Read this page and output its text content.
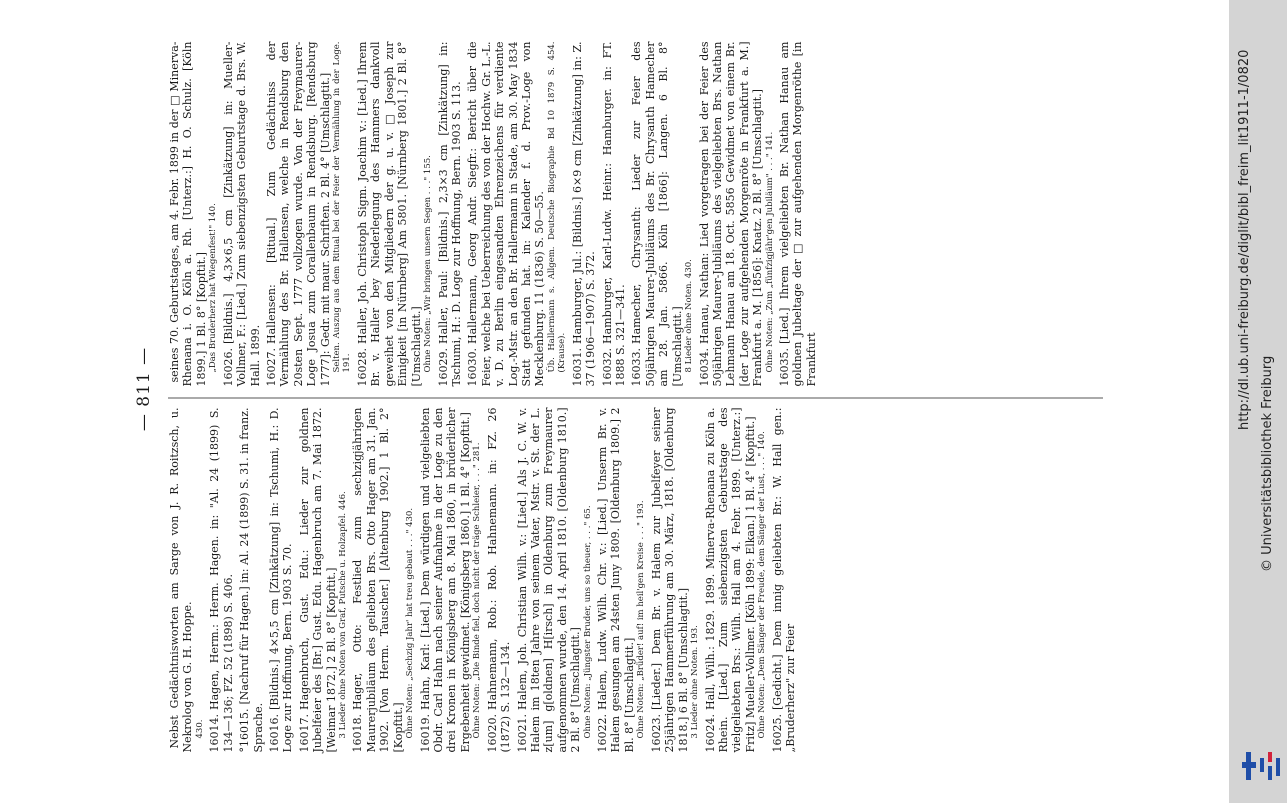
— 811 —
Nebst Gedächtnisworten am Sarge von J. R. Roitzsch, u. Nekrolog von G. H. Hoppe. 430. 16014.Hagen, Herm.: Herm. Hagen. in: "Al. 24 (1899) S. 134—136; FZ. 52 (1898) S. 406. °16015.[Nachruf für Hagen.] in: Al. 24 (1899) S. 31. in franz. Sprache. 16016.[Bildnis.] 4×5,5 cm [Zinkätzung] in: Tschumi, H.: D. Loge zur Hoffnung, Bern. 1903 S. 70. 16017.Hagenbruch, Gust. Edu.: Lieder zur goldnen Jubelfeier des [Br.] Gust. Edu. Hagenbruch am 7. Mai 1872. [Weimar 1872.] 2 Bl. 8° [Kopftit.] 3 Lieder ohne Noten von Graf, Putsche u. Holzapfel. 446. 16018.Hager, Otto: Festlied zum sechzigjährigen Maurerjubiläum des geliebten Brs. Otto Hager am 31. Jan. 1902. [Von Herm. Tauscher.] [Altenburg 1902.] 1 Bl. 2° [Kopftit.] Ohne Noten: „Sechzig Jahr' hat treu gebaut . . ." 430. 16019.Hahn, Karl: [Lied.] Dem würdigen und vielgeliebten Obdr. Carl Hahn nach seiner Aufnahme in der Loge zu den drei Kronen in Königsberg am 8. Mai 1860, in brüderlicher Ergebenheit gewidmet. [Königsberg 1860.] 1 Bl. 4° [Kopftit.] Ohne Noten: „Die Binde fiel, doch nicht der träge Schleier, . . ." 281. 16020.Hahnemann, Rob.: Rob. Hahnemann. in: FZ. 26 (1872) S. 132—134. 16021.Halem, Joh. Christian Wilh. v.: [Lied.] Als J. C. W. v. Halem im 18ten Jahre von seinem Vater, Mstr. v. St. der L. z[um] g[oldnen] H[irsch] in Oldenburg zum Freymaurer aufgenommen wurde, den 14. April 1810. [Oldenburg 1810.] 2 Bl. 8° [Umschlagtit.] Ohne Noten: „Jüngster Bruder, uns so theuer, . . ." 65. 16022.Halem, Ludw. Wilh. Chr. v.: [Lied.] Unserm Br. v. Halem gesungen am 24sten Juny 1809. [Oldenburg 1809.] 2 Bl. 8° [Umschlagtit.] Ohne Noten: „Brüder! auf! im heil'gen Kreise . . ." 193. 16023.[Lieder.] Dem Br. v. Halem zur Jubelfeyer seiner 25jährigen Hammerführung am 30. März, 1818. [Oldenburg 1818.] 6 Bl. 8° [Umschlagtit.] 3 Lieder ohne Noten. 193. 16024.Hall, Wilh.: 1829. 1899. Minerva-Rhenana zu Köln a. Rhein. [Lied.] Zum siebenzigsten Geburtstage des vielgeliebten Brs.: Wilh. Hall am 4. Febr. 1899. [Unterz.:] Fritz] Mueller-Vollmer. [Köln 1899: Elkan.] 1 Bl. 4° [Kopftit.] Ohne Noten: „Dem Sänger der Freude, dem Sänger der Lust, . . ." 140. 16025.[Gedicht.] Dem innig geliebten Br.: W. Hall gen.: „Bruderherz" zur Feier
seines 70. Geburtstages, am 4. Febr. 1899 in der □ Minerva-Rhenana i. O. Köln a. Rh. [Unterz.:] H. O. Schulz. [Köln 1899.] 1 Bl. 8° [Kopftit.] „Das Bruderherz hat Wiegenfest!" 140. 16026.[Bildnis.] 4,3×6,5 cm [Zinkätzung] in: Mueller-Vollmer, F.: [Lied.] Zum siebenzigsten Geburtstage d. Brs. W. Hall. 1899. 16027.Hallensen: [Ritual.] Zum Gedächtniss der Vermählung des Br. Hallensen, welche in Rendsburg den 20sten Sept. 1777 vollzogen wurde. Von der Freymaurer-Loge Josua zum Corallenbaum in Rendsburg. [Rendsburg 1777]: Gedr. mit maur. Schriften. 2 Bl. 4° [Umschlagtit.] Selten. Auszug aus dem Ritual bei der Feier der Vermählung in der Loge. 191. 16028.Haller, Joh. Christoph Sigm. Joachim v.: [Lied.] Ihrem Br. v. Haller bey Niederlegung des Hammers dankvoll geweihet von den Mitgliedern der g. u. v. □ Joseph zur Einigkeit [in Nürnberg] Am 5801. [Nürnberg 1801.] 2 Bl. 8° [Umschlagtit.] Ohne Noten: „Wir bringen unsern Segen . . ." 155. 16029.Haller, Paul: [Bildnis.] 2,3×3 cm [Zinkätzung] in: Tschumi, H.: D. Loge zur Hoffnung, Bern. 1903 S. 113. 16030.Hallermann, Georg Andr. Siegfr.: Bericht über die Feier, welche bei Ueberreichung des von der Hochw. Gr. L.-L. v. D. zu Berlin eingesandten Ehrenzeichens für verdiente Log.-Mstr. an den Br. Hallermann in Stade, am 30. May 1834 Statt gefunden hat. in: Kalender f. d. Prov.-Loge von Mecklenburg. 11 (1836) S. 50—55. Üb. Hallermann s. Allgem. Deutsche Biographie Bd 10 1879 S. 454. (Krause). 16031.Hamburger, Jul.: [Bildnis.] 6×9 cm [Zinkätzung] in: Z. 37 (1906—1907) S. 372. 16032.Hamburger, Karl-Ludw. Heinr.: Hamburger. in: FT. 1888 S. 321—341. 16033.Hamecher, Chrysanth: Lieder zur Feier des 50jährigen Maurer-Jubiläums des Br. Chrysanth Hamecher am 28. Jan. 5866. Köln [1866]: Langen. 6 Bl. 8° [Umschlagtit.] 8 Lieder ohne Noten. 430. 16034.Hanau, Nathan: Lied vorgetragen bei der Feier des 50jährigen Maurer-Jubiläums des vielgeliebten Brs. Nathan Lehmann Hanau am 18. Oct. 5856 Gewidmet von einem Br. [der Loge zur aufgehenden Morgenröte in Frankfurt a. M.] Frankfurt a. M. [1856]: Knatz. 2 Bl. 8° [Umschlagtit.] Ohne Noten: „Zum „fünfzigjähr'gen Jubiläum" . . ." 141. 16035.[Lied.] Ihrem vielgeliebten Br. Nathan Hanau am goldnen Jubeltage der □ zur aufgehenden Morgenröthe [in Frankfurt	http://dl.ub.uni-freiburg.de/diglit/bibl_freim_lit1911-1/0820
© Universitätsbibliothek Freiburg
